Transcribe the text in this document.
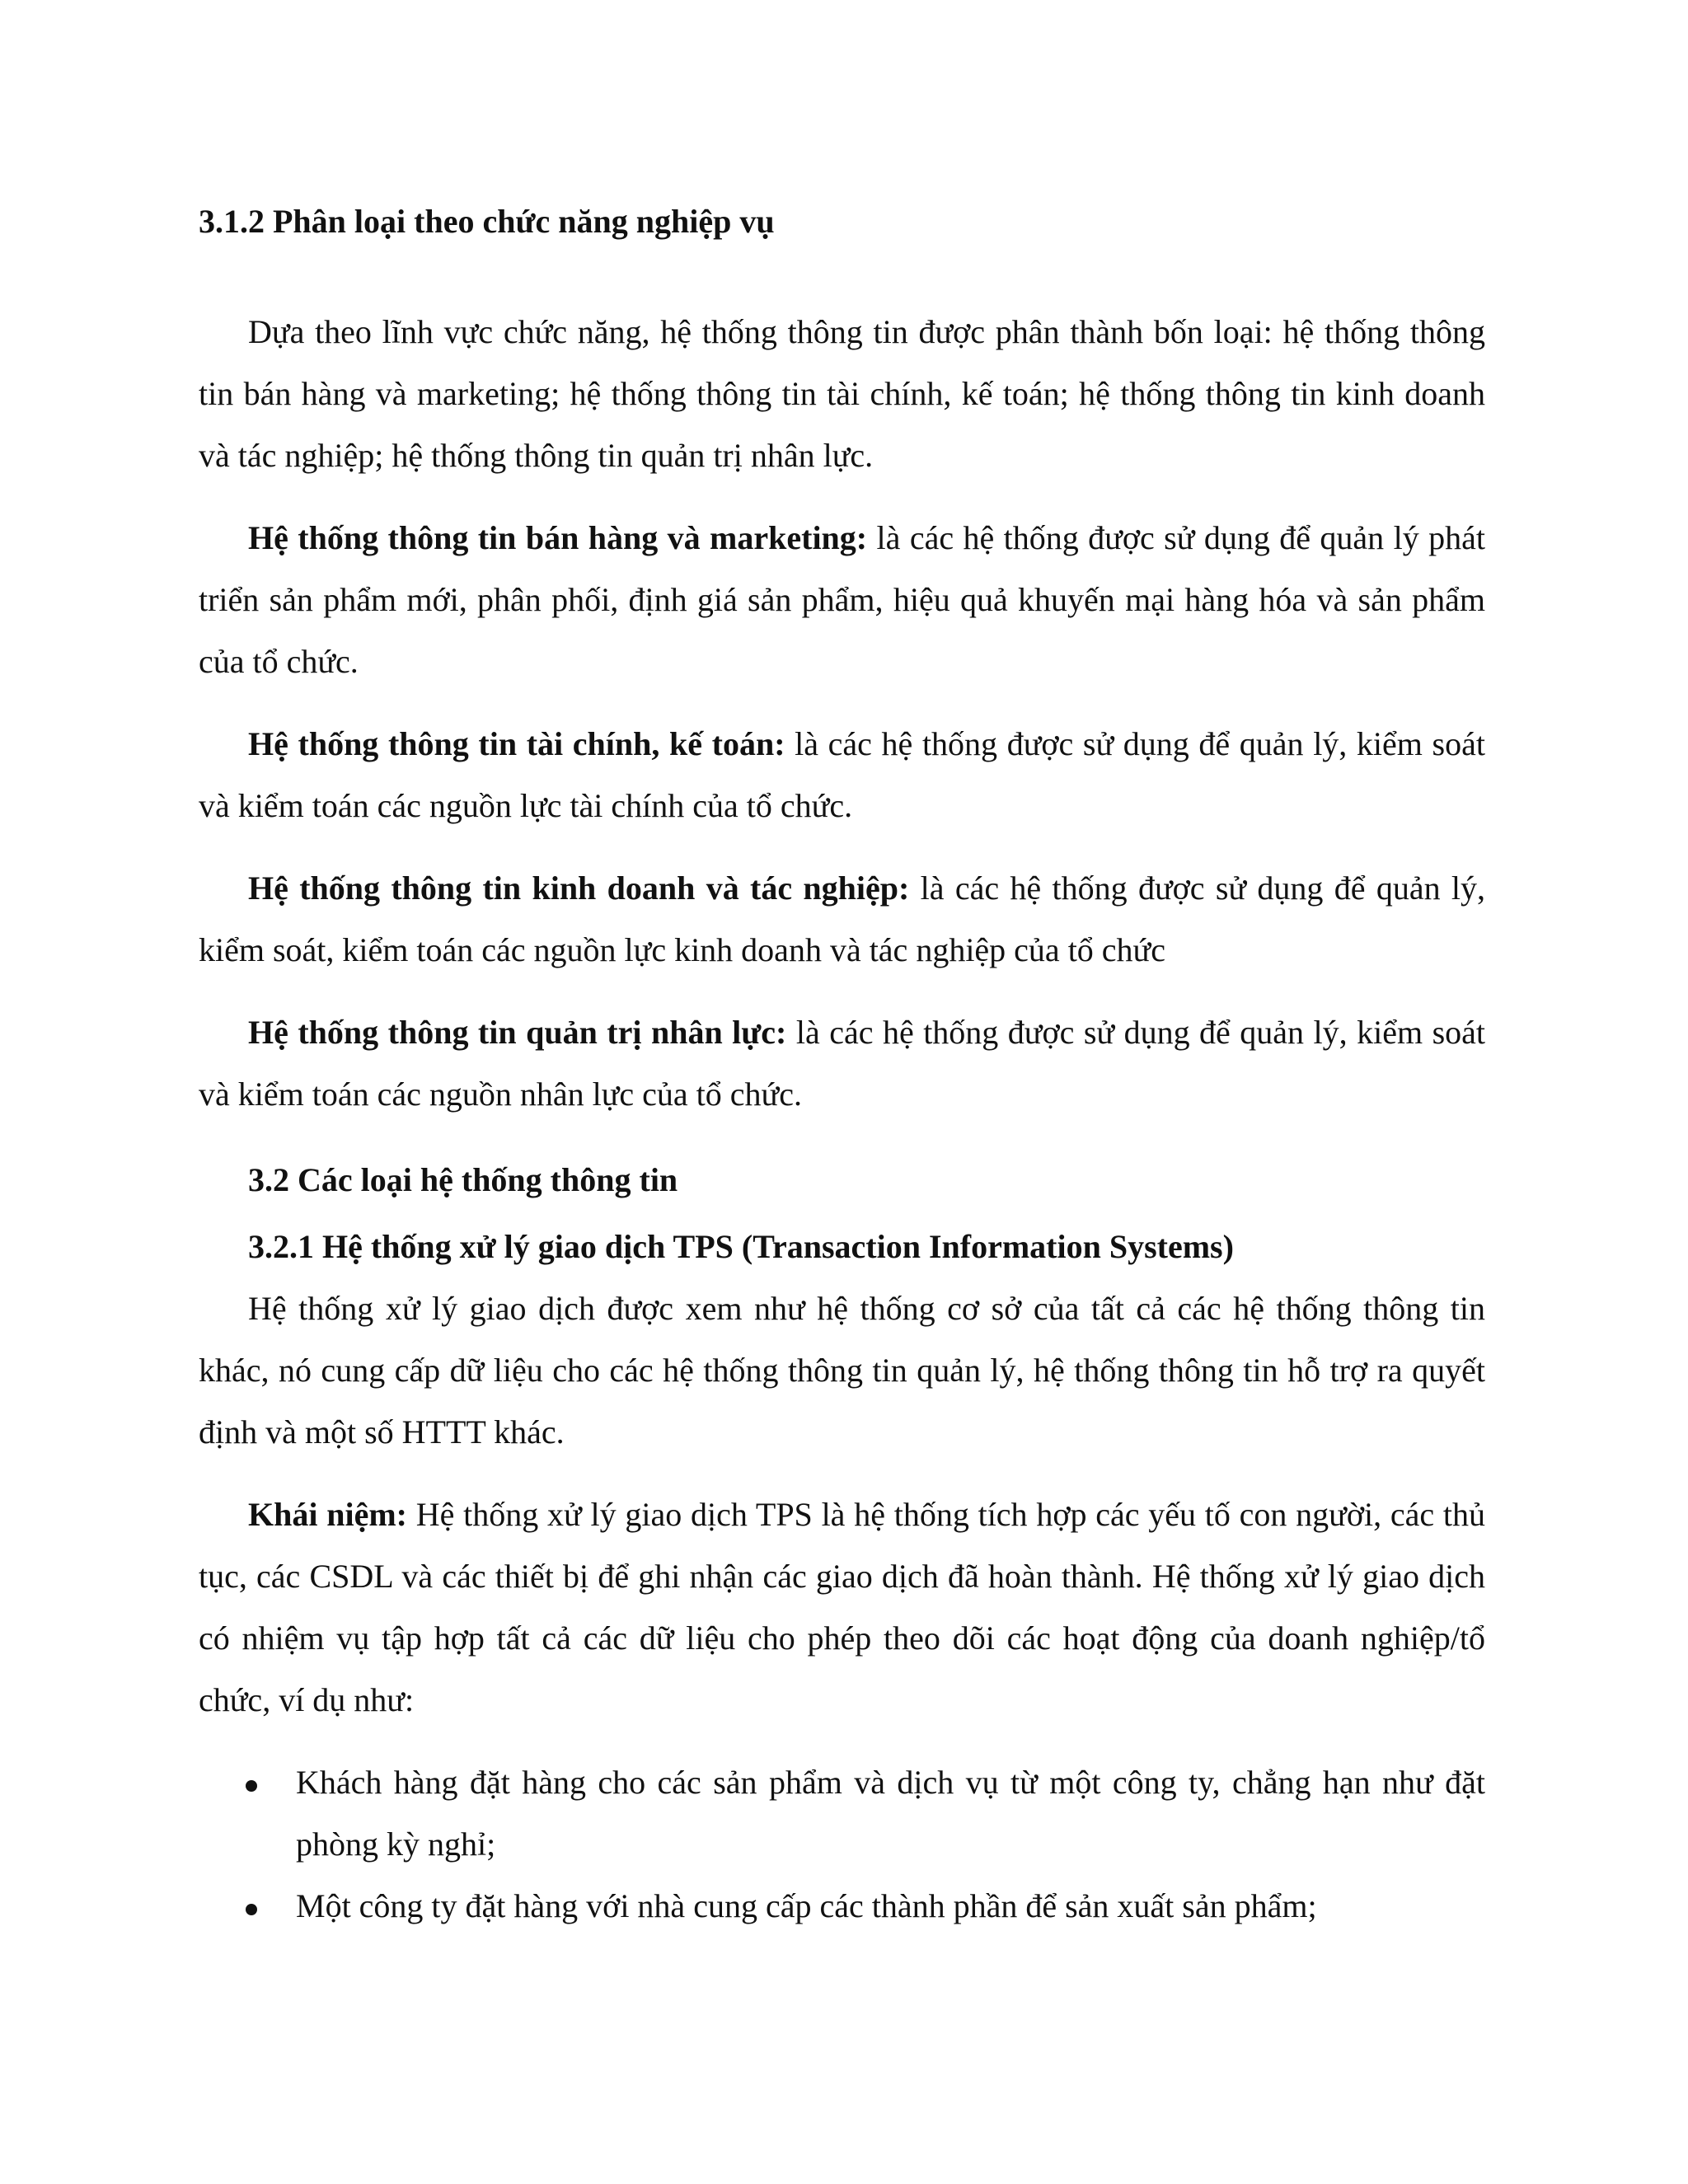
3.1.2 Phân loại theo chức năng nghiệp vụ

Dựa theo lĩnh vực chức năng, hệ thống thông tin được phân thành bốn loại: hệ thống thông tin bán hàng và marketing; hệ thống thông tin tài chính, kế toán; hệ thống thông tin kinh doanh và tác nghiệp; hệ thống thông tin quản trị nhân lực.

Hệ thống thông tin bán hàng và marketing: là các hệ thống được sử dụng để quản lý phát triển sản phẩm mới, phân phối, định giá sản phẩm, hiệu quả khuyến mại hàng hóa và sản phẩm của tổ chức.

Hệ thống thông tin tài chính, kế toán: là các hệ thống được sử dụng để quản lý, kiểm soát và kiểm toán các nguồn lực tài chính của tổ chức.

Hệ thống thông tin kinh doanh và tác nghiệp: là các hệ thống được sử dụng để quản lý, kiểm soát, kiểm toán các nguồn lực kinh doanh và tác nghiệp của tổ chức

Hệ thống thông tin quản trị nhân lực: là các hệ thống được sử dụng để quản lý, kiểm soát và kiểm toán các nguồn nhân lực của tổ chức.

3.2 Các loại hệ thống thông tin
3.2.1 Hệ thống xử lý giao dịch TPS (Transaction Information Systems)

Hệ thống xử lý giao dịch được xem như hệ thống cơ sở của tất cả các hệ thống thông tin khác, nó cung cấp dữ liệu cho các hệ thống thông tin quản lý, hệ thống thông tin hỗ trợ ra quyết định và một số HTTT khác.

Khái niệm: Hệ thống xử lý giao dịch TPS là hệ thống tích hợp các yếu tố con người, các thủ tục, các CSDL và các thiết bị để ghi nhận các giao dịch đã hoàn thành. Hệ thống xử lý giao dịch có nhiệm vụ tập hợp tất cả các dữ liệu cho phép theo dõi các hoạt động của doanh nghiệp/tổ chức, ví dụ như:

Khách hàng đặt hàng cho các sản phẩm và dịch vụ từ một công ty, chẳng hạn như đặt phòng kỳ nghỉ;

Một công ty đặt hàng với nhà cung cấp các thành phần để sản xuất sản phẩm;
